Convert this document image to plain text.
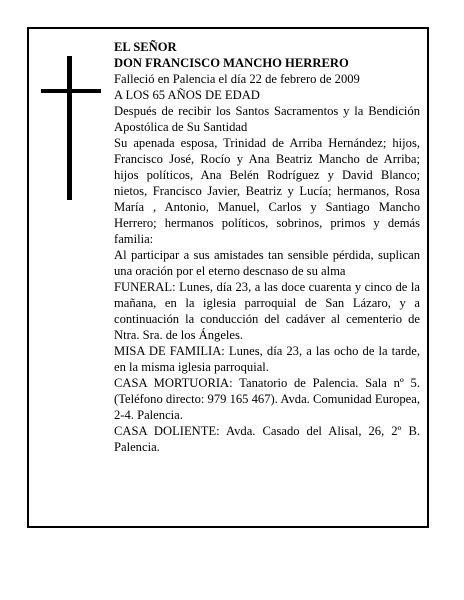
EL SEÑOR

DON FRANCISCO MANCHO HERRERO

Falleció en Palencia el día 22 de febrero de 2009

A LOS 65 AÑOS DE EDAD

Después de recibir los Santos Sacramentos y la Bendición Apostólica de Su Santidad

Su apenada esposa, Trinidad de Arriba Hernández; hijos, Francisco José, Rocío y Ana Beatriz Mancho de Arriba; hijos políticos, Ana Belén Rodríguez y David Blanco; nietos, Francisco Javier, Beatriz y Lucía; hermanos, Rosa María , Antonio, Manuel, Carlos y Santiago Mancho Herrero; hermanos políticos, sobrinos, primos y demás familia:

Al participar a sus amistades tan sensible pérdida, suplican una oración por el eterno descnaso de su alma

FUNERAL: Lunes, día 23, a las doce cuarenta y cinco de la mañana, en la iglesia parroquial de San Lázaro, y a continuación la conducción del cadáver al cementerio de Ntra. Sra. de los Ángeles.

MISA DE FAMILIA: Lunes, día 23, a las ocho de la tarde, en la misma iglesia parroquial.

CASA MORTUORIA: Tanatorio de Palencia. Sala nº 5. (Teléfono directo: 979 165 467). Avda. Comunidad Europea, 2-4. Palencia.

CASA DOLIENTE: Avda. Casado del Alisal, 26, 2º B. Palencia.
